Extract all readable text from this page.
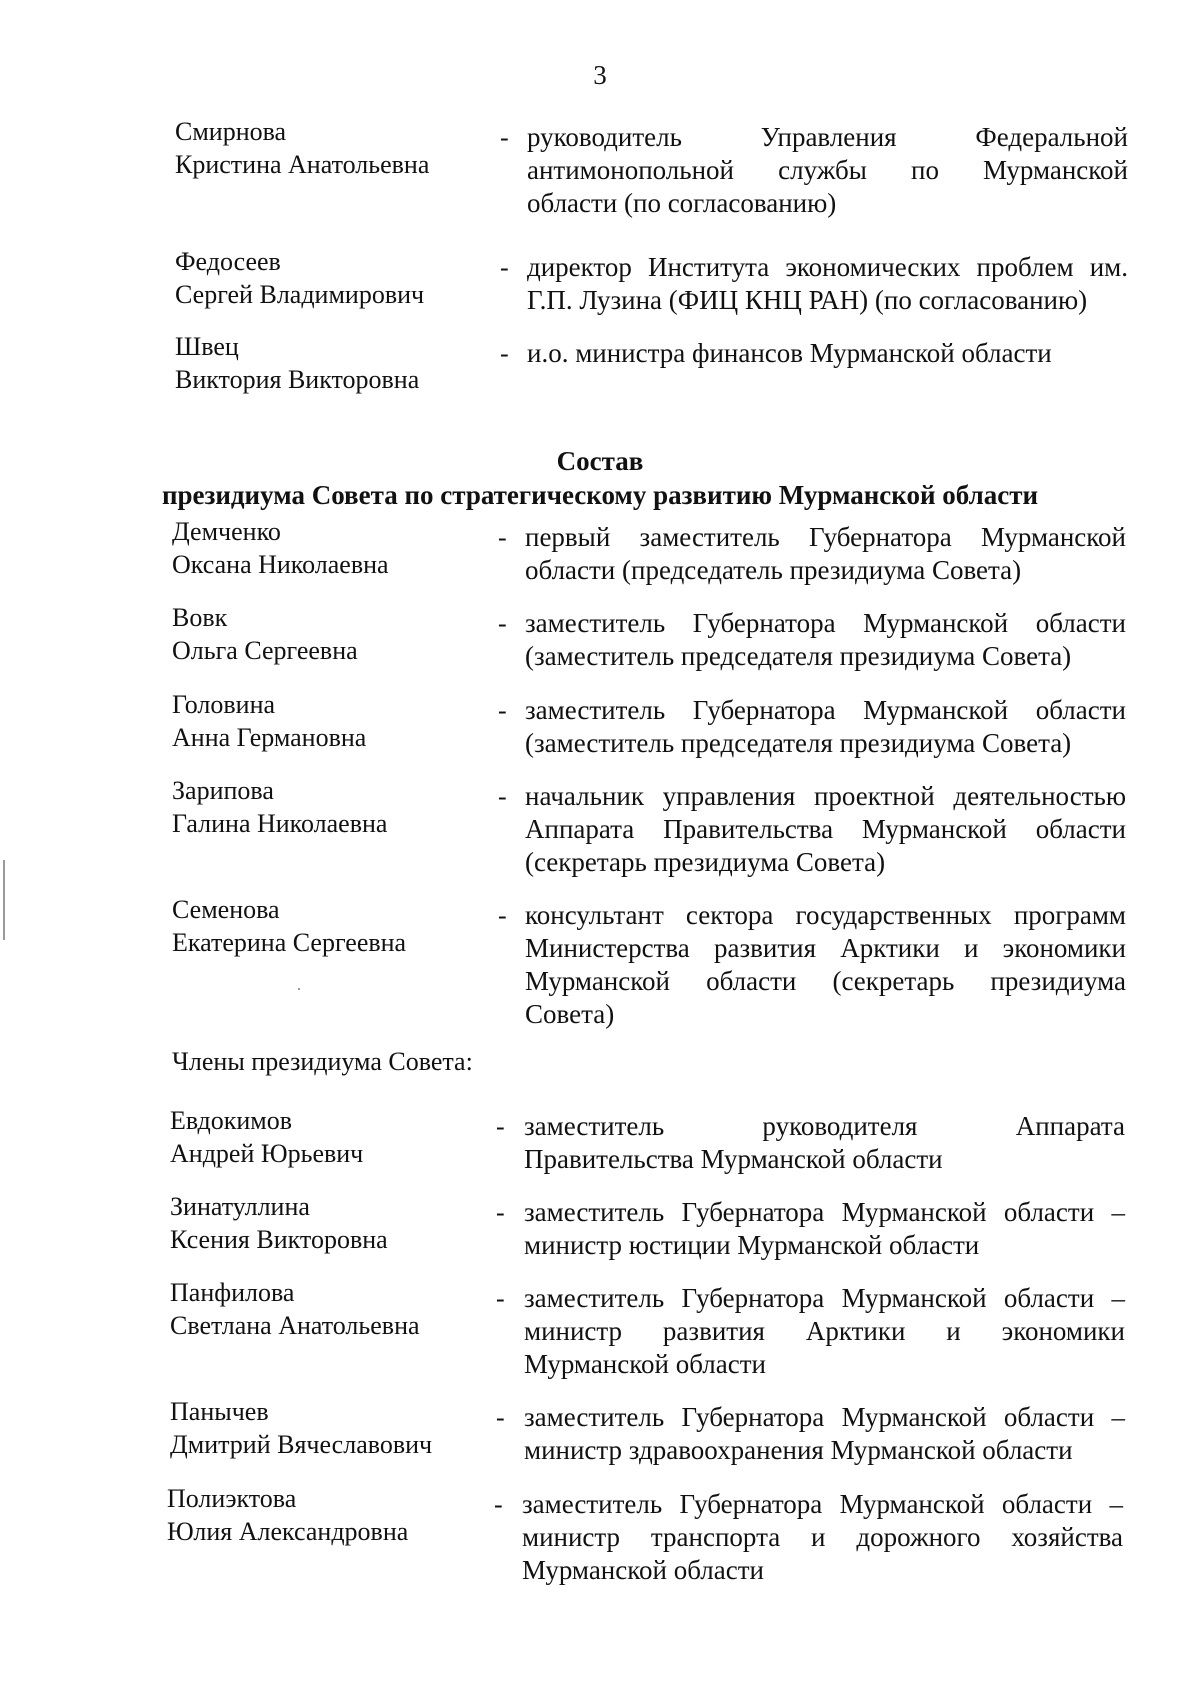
3
Смирнова
Кристина Анатольевна
- руководитель Управления Федеральной
антимонопольной службы по Мурманской
области (по согласованию)
Федосеев
Сергей Владимирович
- директор Института экономических проблем им.
Г.П. Лузина (ФИЦ КНЦ РАН) (по согласованию)
Швец
Виктория Викторовна
- и.о. министра финансов Мурманской области
Состав
президиума Совета по стратегическому развитию Мурманской области
Демченко
Оксана Николаевна
- первый заместитель Губернатора Мурманской
области (председатель президиума Совета)
Вовк
Ольга Сергеевна
- заместитель Губернатора Мурманской области
(заместитель председателя президиума Совета)
Головина
Анна Германовна
- заместитель Губернатора Мурманской области
(заместитель председателя президиума Совета)
Зарипова
Галина Николаевна
- начальник управления проектной деятельностью
Аппарата Правительства Мурманской области
(секретарь президиума Совета)
Семенова
Екатерина Сергеевна
- консультант сектора государственных программ
Министерства развития Арктики и экономики
Мурманской области (секретарь президиума
Совета)
Члены президиума Совета:
Евдокимов
Андрей Юрьевич
- заместитель руководителя Аппарата
Правительства Мурманской области
Зинатуллина
Ксения Викторовна
- заместитель Губернатора Мурманской области –
министр юстиции Мурманской области
Панфилова
Светлана Анатольевна
- заместитель Губернатора Мурманской области –
министр развития Арктики и экономики
Мурманской области
Панычев
Дмитрий Вячеславович
- заместитель Губернатора Мурманской области –
министр здравоохранения Мурманской области
Полиэктова
Юлия Александровна
- заместитель Губернатора Мурманской области –
министр транспорта и дорожного хозяйства
Мурманской области
